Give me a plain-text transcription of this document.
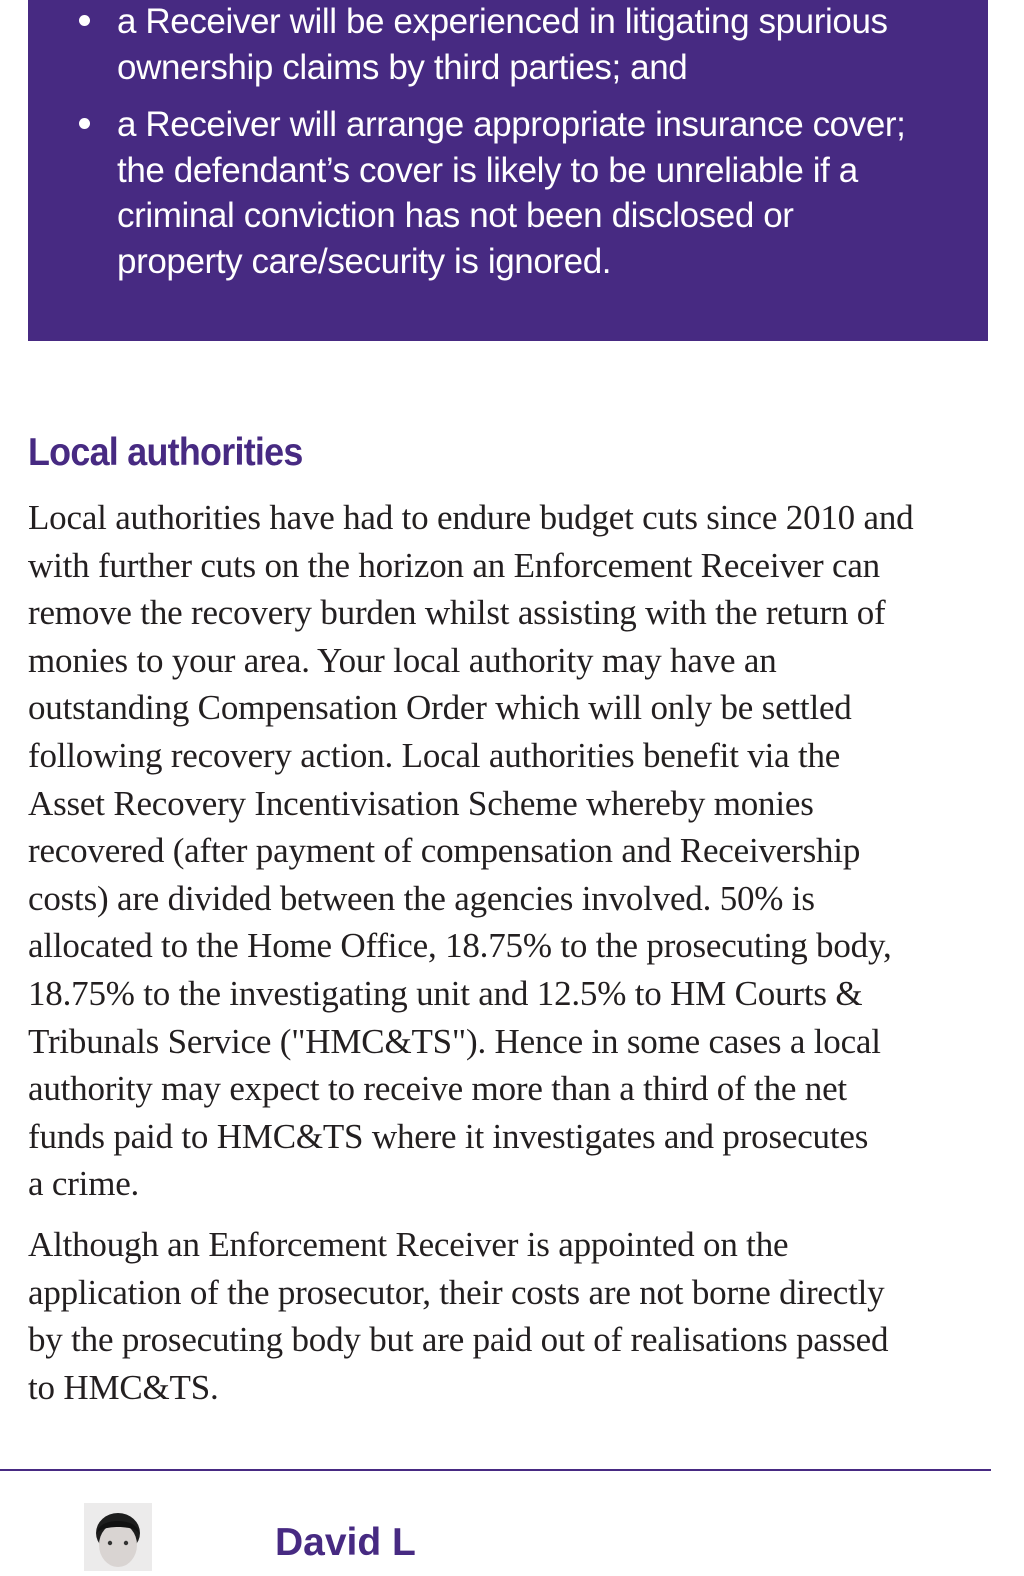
a Receiver will be experienced in litigating spurious
ownership claims by third parties; and

a Receiver will arrange appropriate insurance cover;
the defendant’s cover is likely to be unreliable if a
criminal conviction has not been disclosed or
property care/security is ignored.

Local authorities

Local authorities have had to endure budget cuts since 2010 and
with further cuts on the horizon an Enforcement Receiver can
remove the recovery burden whilst assisting with the return of
monies to your area. Your local authority may have an
outstanding Compensation Order which will only be settled
following recovery action. Local authorities benefit via the
Asset Recovery Incentivisation Scheme whereby monies
recovered (after payment of compensation and Receivership
costs) are divided between the agencies involved. 50% is
allocated to the Home Office, 18.75% to the prosecuting body,
18.75% to the investigating unit and 12.5% to HM Courts &
Tribunals Service ("HMC&TS"). Hence in some cases a local
authority may expect to receive more than a third of the net
funds paid to HMC&TS where it investigates and prosecutes
a crime.

Although an Enforcement Receiver is appointed on the
application of the prosecutor, their costs are not borne directly
by the prosecuting body but are paid out of realisations passed
to HMC&TS.

David L
